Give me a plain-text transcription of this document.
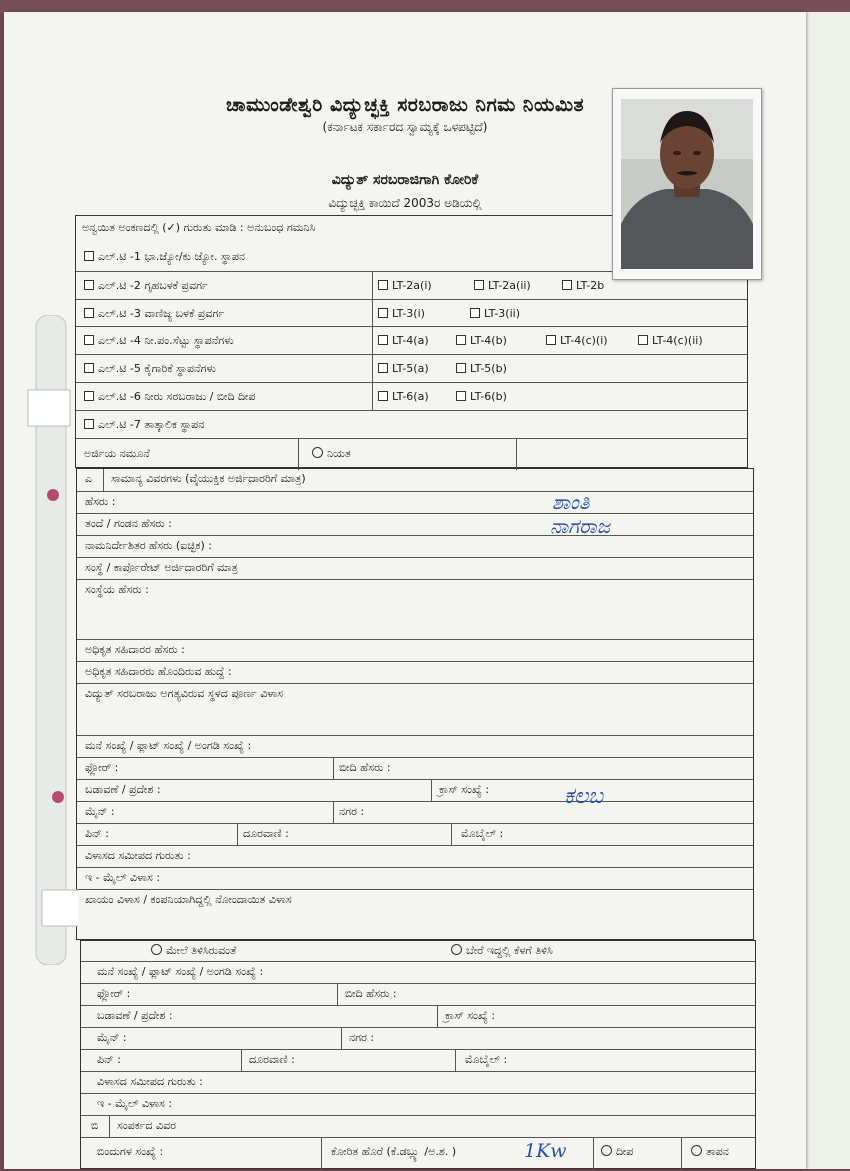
ಚಾಮುಂಡೇಶ್ವರಿ ವಿದ್ಯುಚ್ಛಕ್ತಿ ಸರಬರಾಜು ನಿಗಮ ನಿಯಮಿತ
(ಕರ್ನಾಟಕ ಸರ್ಕಾರದ ಸ್ವಾಮ್ಯಕ್ಕೆ ಒಳಪಟ್ಟಿದೆ)
ವಿದ್ಯುತ್ ಸರಬರಾಜಿಗಾಗಿ ಕೋರಿಕೆ
ವಿದ್ಯುಚ್ಛಕ್ತಿ ಕಾಯಿದೆ 2003ರ ಅಡಿಯಲ್ಲಿ
ಅನ್ವಯಿತ ಅಂಕಣದಲ್ಲಿ (✓) ಗುರುತು ಮಾಡಿ : ಅನುಬಂಧ ಗಮನಿಸಿ
ಎಲ್.ಟಿ -1 ಭಾ.ಜ್ಯೋ/ಕು ಜ್ಯೋ. ಸ್ಥಾಪನ
ಎಲ್.ಟಿ -2 ಗೃಹಬಳಕೆ ಪ್ರವರ್ಗ	LT-2a(i)	LT-2a(ii)	LT-2b
ಎಲ್.ಟಿ -3 ವಾಣಿಜ್ಯ ಬಳಕೆ ಪ್ರವರ್ಗ	LT-3(i)	LT-3(ii)
ಎಲ್.ಟಿ -4 ನೀ.ಪಂ.ಸೆಟ್ಟು ಸ್ಥಾಪನೆಗಳು	LT-4(a)	LT-4(b)	LT-4(c)(i)	LT-4(c)(ii)
ಎಲ್.ಟಿ -5 ಕೈಗಾರಿಕೆ ಸ್ಥಾಪನೆಗಳು	LT-5(a)	LT-5(b)
ಎಲ್.ಟಿ -6 ನೀರು ಸರಬರಾಜು / ಬೀದಿ ದೀಪ	LT-6(a)	LT-6(b)
ಎಲ್.ಟಿ -7 ತಾತ್ಕಾಲಿಕ ಸ್ಥಾಪನ
ಅರ್ಜಿಯ ನಮೂನೆ	ನಿಯತ
ಎ ಸಾಮಾನ್ಯ ವಿವರಗಳು (ವೈಯುಕ್ತಿಕ ಅರ್ಜಿದಾರರಿಗೆ ಮಾತ್ರ)
ಹೆಸರು :
ತಂದೆ / ಗಂಡನ ಹೆಸರು :
ನಾಮನಿರ್ದೇಶಿತರ ಹೆಸರು (ಐಚ್ಛಿಕ) :
ಸಂಸ್ಥೆ / ಕಾರ್ಪೊರೇಟ್ ಅರ್ಜಿದಾರರಿಗೆ ಮಾತ್ರ
ಸಂಸ್ಥೆಯ ಹೆಸರು :
ಅಧಿಕೃತ ಸಹಿದಾರರ ಹೆಸರು :
ಅಧಿಕೃತ ಸಹಿದಾರರು ಹೊಂದಿರುವ ಹುದ್ದೆ :
ವಿದ್ಯುತ್ ಸರಬರಾಜು ಅಗತ್ಯವಿರುವ ಸ್ಥಳದ ಪೂರ್ಣ ವಿಳಾಸ
ಮನೆ ಸಂಖ್ಯೆ / ಫ್ಲಾಟ್ ಸಂಖ್ಯೆ / ಅಂಗಡಿ ಸಂಖ್ಯೆ :
ಫ್ಲೋರ್ :	ಬೀದಿ ಹೆಸರು :
ಬಡಾವಣೆ / ಪ್ರದೇಶ :	ಕ್ರಾಸ್ ಸಂಖ್ಯೆ :
ಮೈನ್ :	ನಗರ :
ಪಿನ್ :	ದೂರವಾಣಿ :	ಮೊಬೈಲ್ :
ವಿಳಾಸದ ಸಮೀಪದ ಗುರುತು :
ಇ - ಮೈಲ್ ವಿಳಾಸ :
ಖಾಯಂ ವಿಳಾಸ / ಕಂಪನಿಯಾಗಿದ್ದಲ್ಲಿ ನೋಂದಾಯಿತ ವಿಳಾಸ
ಮೇಲೆ ತಿಳಿಸಿರುವಂತೆ	ಬೇರೆ ಇದ್ದಲ್ಲಿ ಕೆಳಗೆ ತಿಳಿಸಿ
ಮನೆ ಸಂಖ್ಯೆ / ಫ್ಲಾಟ್ ಸಂಖ್ಯೆ / ಅಂಗಡಿ ಸಂಖ್ಯೆ :
ಫ್ಲೋರ್ :	ಬೀದಿ ಹೆಸರು :
ಬಡಾವಣೆ / ಪ್ರದೇಶ :	ಕ್ರಾಸ್ ಸಂಖ್ಯೆ :
ಮೈನ್ :	ನಗರ :
ಪಿನ್ :	ದೂರವಾಣಿ :	ಮೊಬೈಲ್ :
ವಿಳಾಸದ ಸಮೀಪದ ಗುರುತು :
ಇ - ಮೈಲ್ ವಿಳಾಸ :
ಬಿ ಸಂಪರ್ಕದ ವಿವರ
ಬಿಂದುಗಳ ಸಂಖ್ಯೆ :	ಕೋರಿತ ಹೊರೆ (ಕೆ.ಡಬ್ಲ್ಯು /ಅ.ಶ. )	ದೀಪ	ತಾಪನ
ಶಾಂತಿ
ನಾಗರಾಜ
ಕಲಬ
1Kw
